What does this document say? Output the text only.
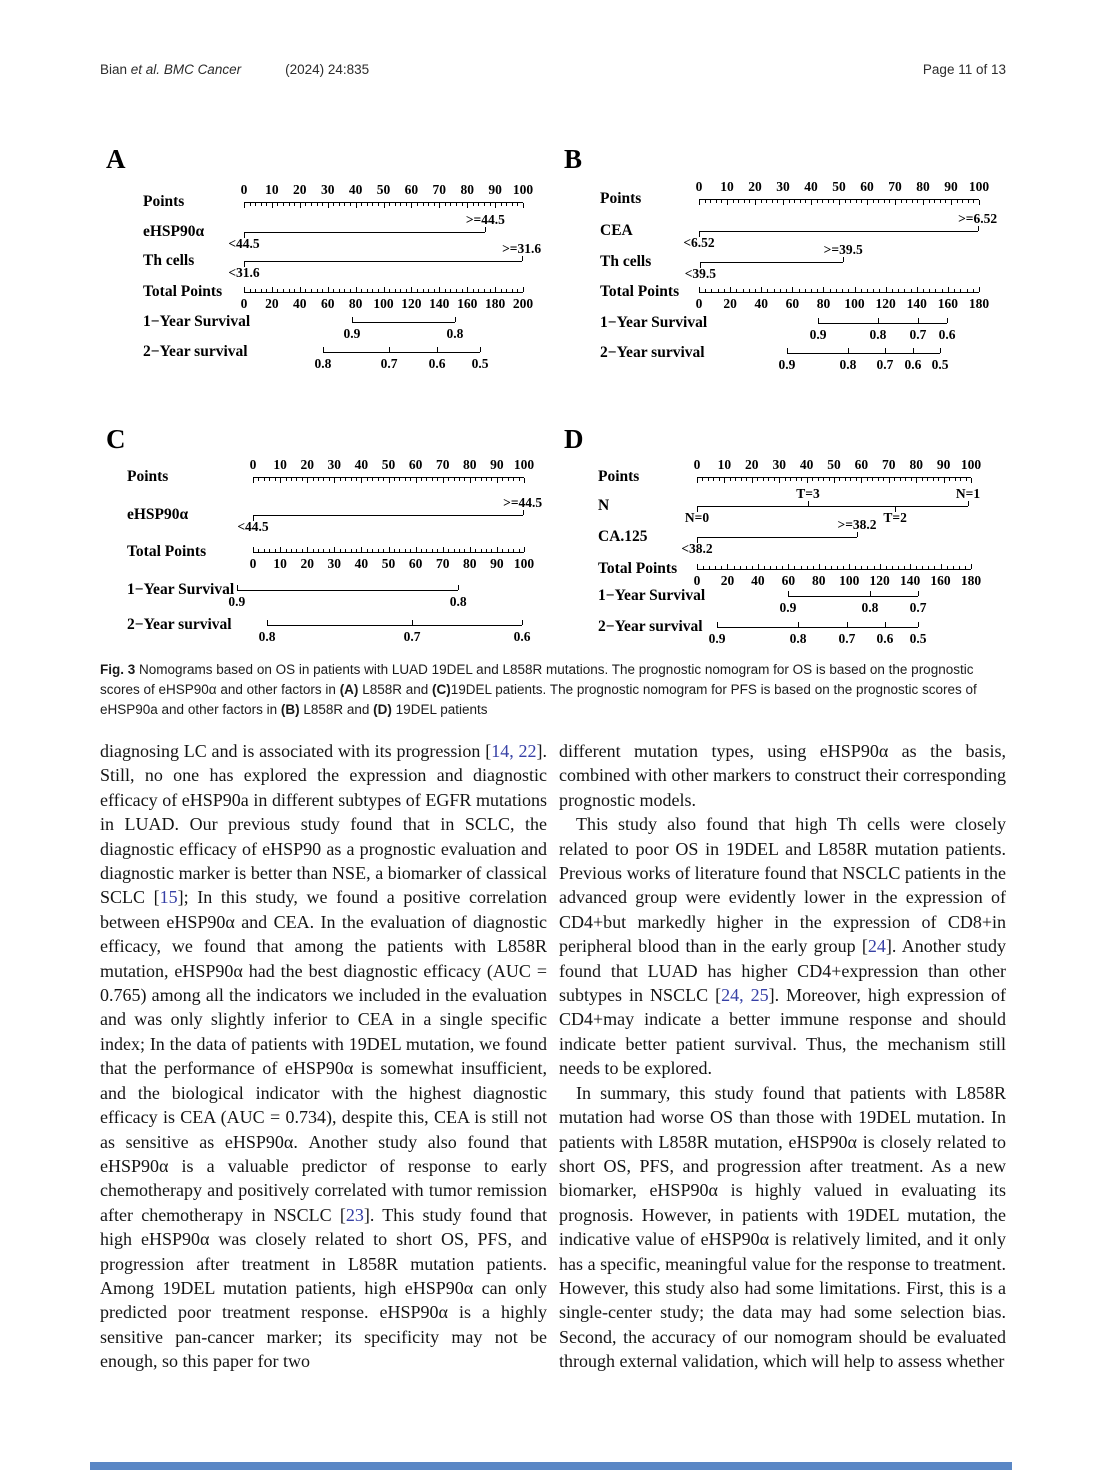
Bian et al. BMC Cancer	(2024) 24:835	Page 11 of 13
A
Points
0 10 20 30 40 50 60 70 80 90 100
eHSP90α
<44.5
>=44.5
Th cells
<31.6
>=31.6
Total Points
0 20 40 60 80 100 120 140 160 180 200
1−Year Survival
0.9	0.8
2−Year survival
0.8	0.7 0.6 0.5
B
Points
0 10 20 30 40 50 60 70 80 90 100
CEA
<6.52
>=6.52
Th cells
<39.5
>=39.5
Total Points
0 20 40 60 80 100 120 140 160 180
1−Year Survival
0.9	0.8 0.7 0.6
2−Year survival
0.9	0.8 0.7 0.6 0.5
C
Points
0 10 20 30 40 50 60 70 80 90 100
eHSP90α
<44.5
>=44.5
Total Points
0 10 20 30 40 50 60 70 80 90 100
1−Year Survival
0.9	0.8
2−Year survival
0.8	0.7	0.6
D
Points
0 10 20 30 40 50 60 70 80 90 100
N
N=0
T=3
T=2
N=1
CA.125
<38.2
>=38.2
Total Points
0 20 40 60 80 100 120 140 160 180
1−Year Survival
0.9	0.8 0.7
2−Year survival
0.9	0.8 0.7 0.6 0.5
Fig. 3 Nomograms based on OS in patients with LUAD 19DEL and L858R mutations. The prognostic nomogram for OS is based on the prognostic scores of eHSP90α and other factors in (A) L858R and (C)19DEL patients. The prognostic nomogram for PFS is based on the prognostic scores of eHSP90a and other factors in (B) L858R and (D) 19DEL patients

diagnosing LC and is associated with its progression [14, 22]. Still, no one has explored the expression and diagnostic efficacy of eHSP90a in different subtypes of EGFR mutations in LUAD. Our previous study found that in SCLC, the diagnostic efficacy of eHSP90 as a prognostic evaluation and diagnostic marker is better than NSE, a biomarker of classical SCLC [15]; In this study, we found a positive correlation between eHSP90α and CEA. In the evaluation of diagnostic efficacy, we found that among the patients with L858R mutation, eHSP90α had the best diagnostic efficacy (AUC = 0.765) among all the indicators we included in the evaluation and was only slightly inferior to CEA in a single specific index; In the data of patients with 19DEL mutation, we found that the performance of eHSP90α is somewhat insufficient, and the biological indicator with the highest diagnostic efficacy is CEA (AUC = 0.734), despite this, CEA is still not as sensitive as eHSP90α. Another study also found that eHSP90α is a valuable predictor of response to early chemotherapy and positively correlated with tumor remission after chemotherapy in NSCLC [23]. This study found that high eHSP90α was closely related to short OS, PFS, and progression after treatment in L858R mutation patients. Among 19DEL mutation patients, high eHSP90α can only predicted poor treatment response. eHSP90α is a highly sensitive pan-cancer marker; its specificity may not be enough, so this paper for two

different mutation types, using eHSP90α as the basis, combined with other markers to construct their corresponding prognostic models.

This study also found that high Th cells were closely related to poor OS in 19DEL and L858R mutation patients. Previous works of literature found that NSCLC patients in the advanced group were evidently lower in the expression of CD4+but markedly higher in the expression of CD8+in peripheral blood than in the early group [24]. Another study found that LUAD has higher CD4+expression than other subtypes in NSCLC [24, 25]. Moreover, high expression of CD4+may indicate a better immune response and should indicate better patient survival. Thus, the mechanism still needs to be explored.

In summary, this study found that patients with L858R mutation had worse OS than those with 19DEL mutation. In patients with L858R mutation, eHSP90α is closely related to short OS, PFS, and progression after treatment. As a new biomarker, eHSP90α is highly valued in evaluating its prognosis. However, in patients with 19DEL mutation, the indicative value of eHSP90α is relatively limited, and it only has a specific, meaningful value for the response to treatment. However, this study also had some limitations. First, this is a single-center study; the data may had some selection bias. Second, the accuracy of our nomogram should be evaluated through external validation, which will help to assess whether
